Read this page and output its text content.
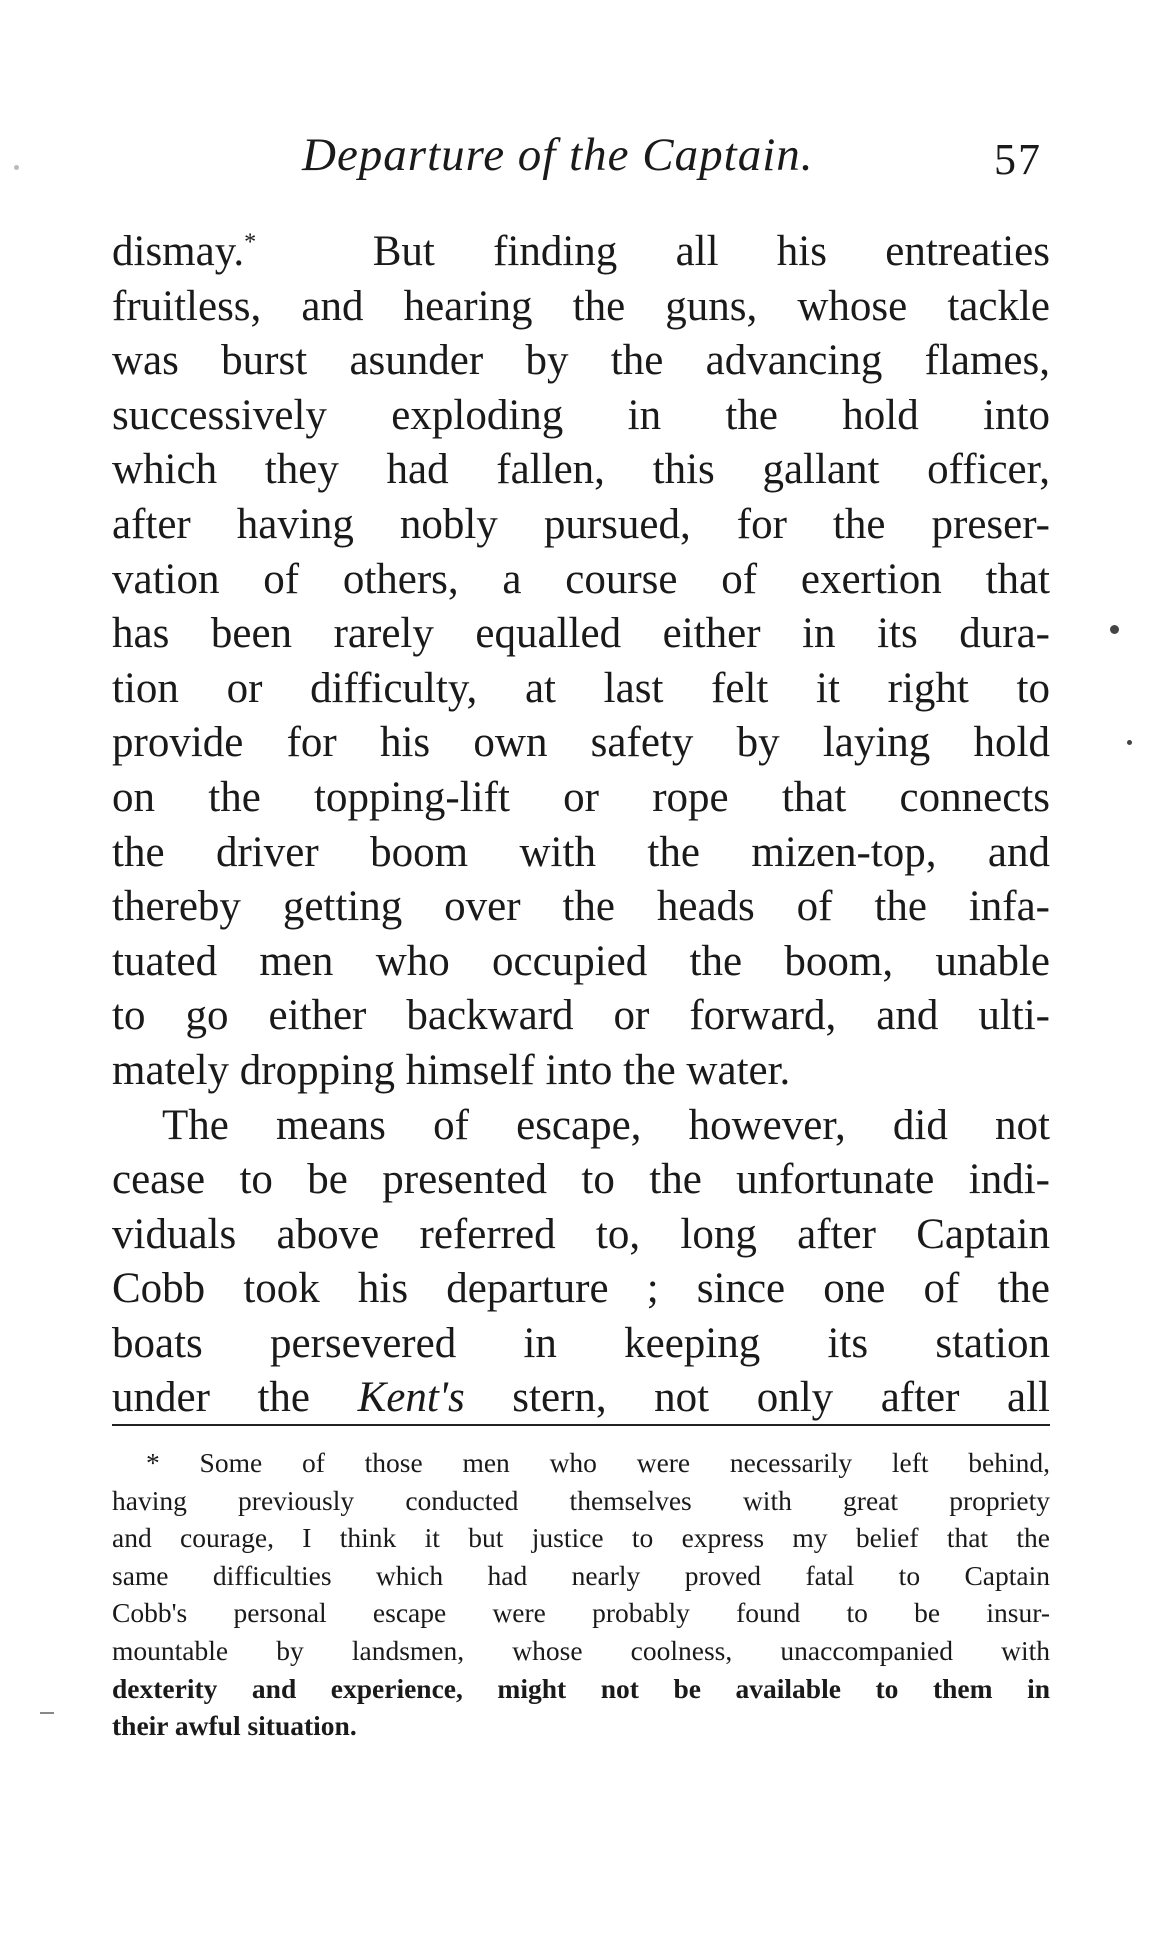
Departure of the Captain.	57
dismay.*	But finding all his entreaties
fruitless, and hearing the guns, whose tackle
was burst asunder by the advancing flames,
successively exploding in the hold into
which they had fallen, this gallant officer,
after having nobly pursued, for the preser-
vation of others, a course of exertion that
has been rarely equalled either in its dura-
tion or difficulty, at last felt it right to
provide for his own safety by laying hold
on the topping-lift or rope that connects
the driver boom with the mizen-top, and
thereby getting over the heads of the infa-
tuated men who occupied the boom, unable
to go either backward or forward, and ulti-
mately dropping himself into the water.
The means of escape, however, did not
cease to be presented to the unfortunate indi-
viduals above referred to, long after Captain
Cobb took his departure ; since one of the
boats persevered in keeping its station
under the Kent's stern, not only after all
* Some of those men who were necessarily left behind,
having previously conducted themselves with great propriety
and courage, I think it but justice to express my belief that the
same difficulties which had nearly proved fatal to Captain
Cobb's personal escape were probably found to be insur-
mountable by landsmen, whose coolness, unaccompanied with
dexterity and experience, might not be available to them in
their awful situation.
